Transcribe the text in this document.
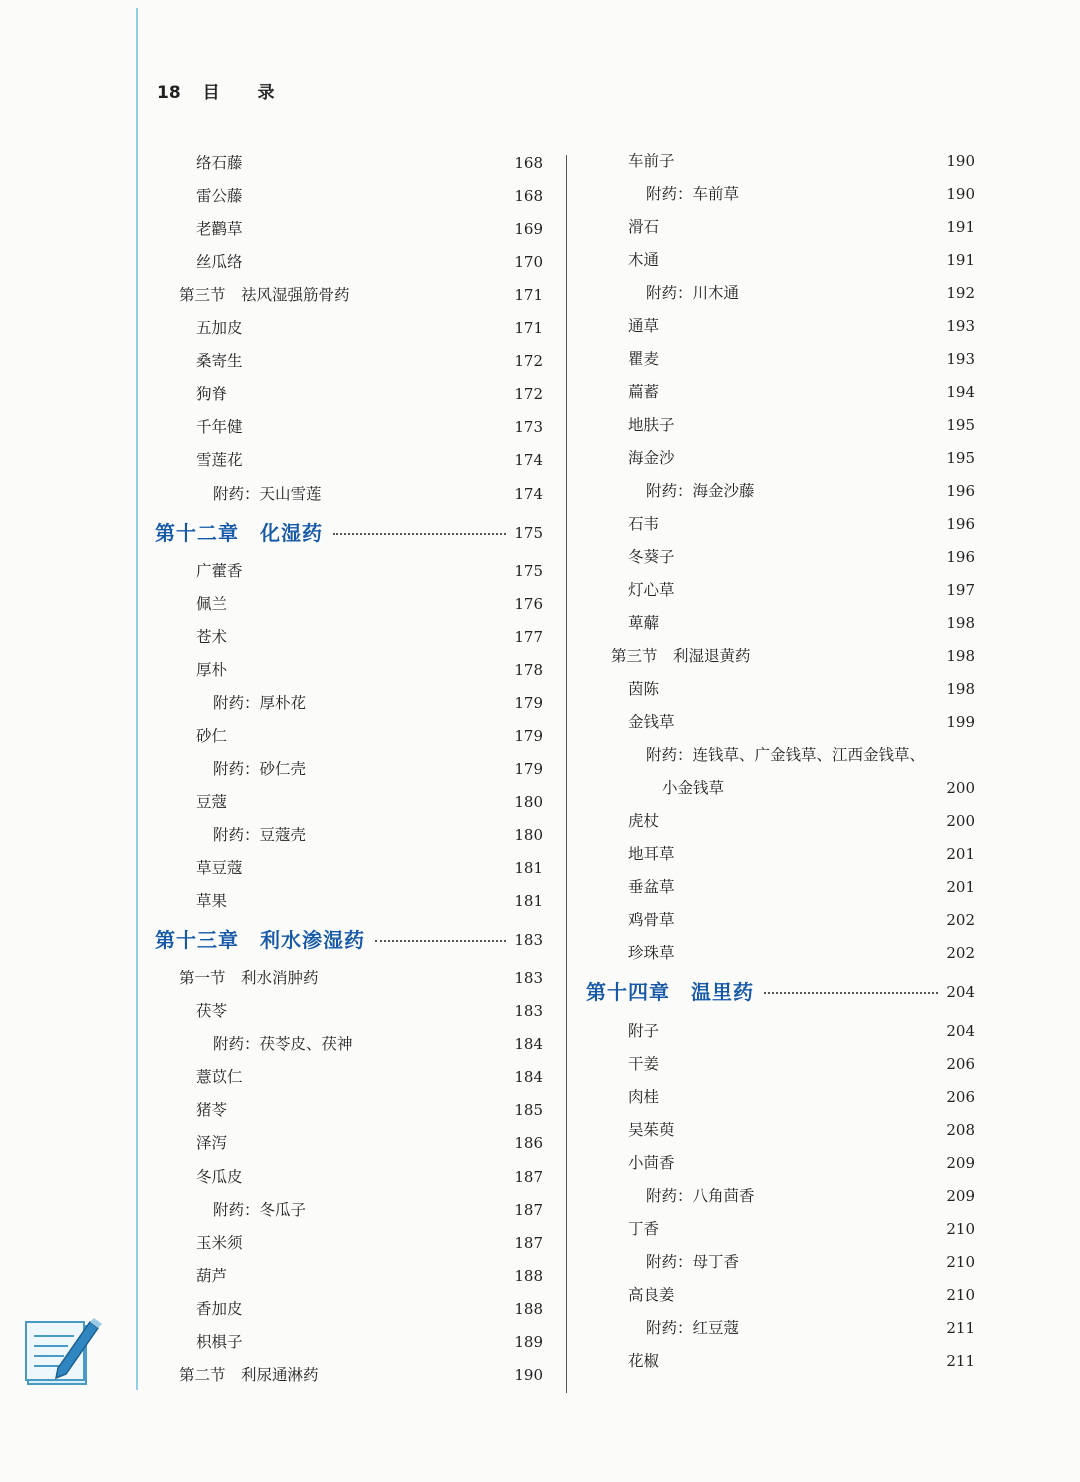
18 目 录
络石藤	168
雷公藤	168
老鹳草	169
丝瓜络	170
第三节　祛风湿强筋骨药	171
五加皮	171
桑寄生	172
狗脊	172
千年健	173
雪莲花	174
附药：天山雪莲	174
第十二章　化湿药	175
广藿香	175
佩兰	176
苍术	177
厚朴	178
附药：厚朴花	179
砂仁	179
附药：砂仁壳	179
豆蔻	180
附药：豆蔻壳	180
草豆蔻	181
草果	181
第十三章　利水渗湿药	183
第一节　利水消肿药	183
茯苓	183
附药：茯苓皮、茯神	184
薏苡仁	184
猪苓	185
泽泻	186
冬瓜皮	187
附药：冬瓜子	187
玉米须	187
葫芦	188
香加皮	188
枳椇子	189
第二节　利尿通淋药	190
车前子	190
附药：车前草	190
滑石	191
木通	191
附药：川木通	192
通草	193
瞿麦	193
萹蓄	194
地肤子	195
海金沙	195
附药：海金沙藤	196
石韦	196
冬葵子	196
灯心草	197
萆薢	198
第三节　利湿退黄药	198
茵陈	198
金钱草	199
附药：连钱草、广金钱草、江西金钱草、
小金钱草	200
虎杖	200
地耳草	201
垂盆草	201
鸡骨草	202
珍珠草	202
第十四章　温里药	204
附子	204
干姜	206
肉桂	206
吴茱萸	208
小茴香	209
附药：八角茴香	209
丁香	210
附药：母丁香	210
高良姜	210
附药：红豆蔻	211
花椒	211
